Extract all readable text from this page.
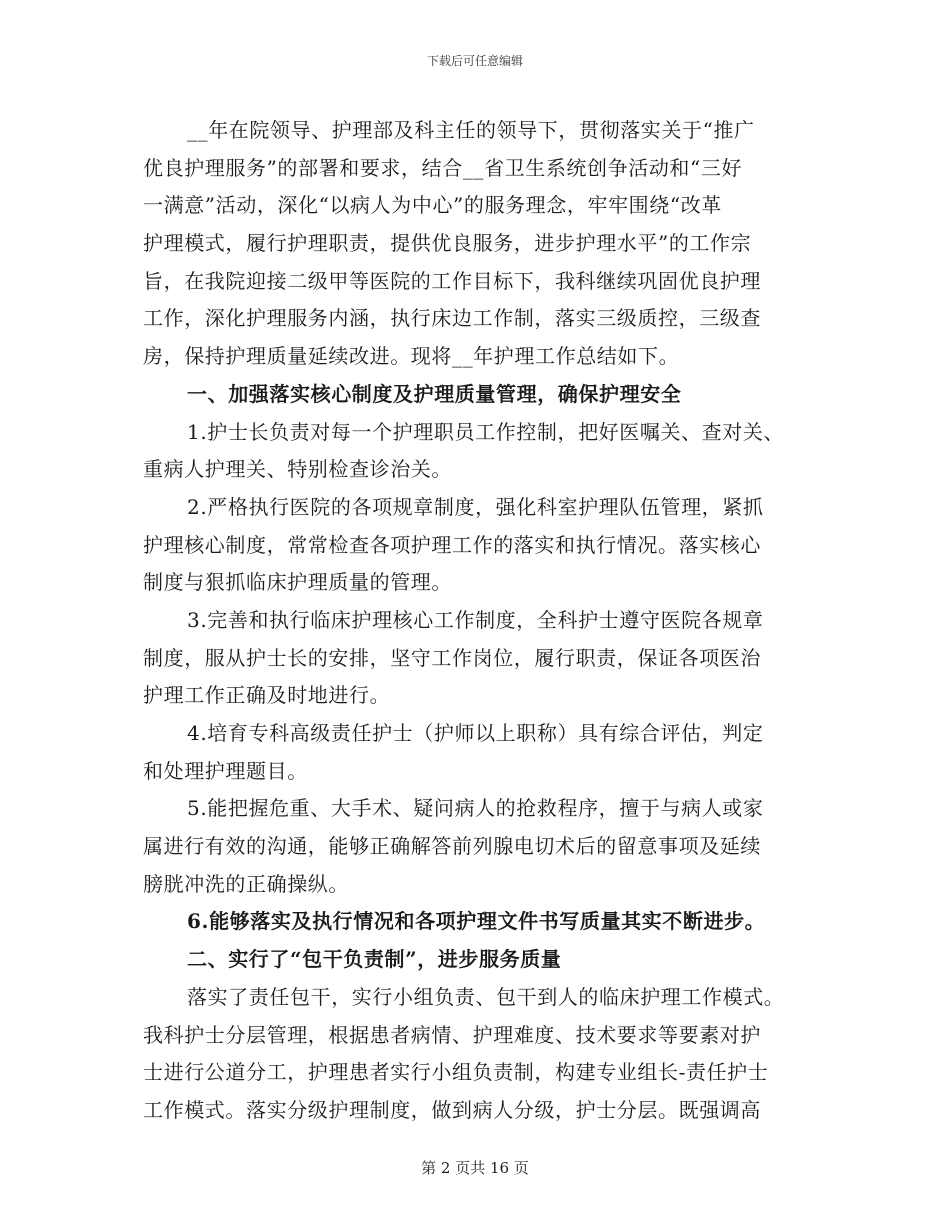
下载后可任意编辑
__年在院领导、护理部及科主任的领导下，贯彻落实关于“推广
优良护理服务”的部署和要求，结合__省卫生系统创争活动和“三好
一满意”活动，深化“以病人为中心”的服务理念，牢牢围绕“改革
护理模式，履行护理职责，提供优良服务，进步护理水平”的工作宗
旨，在我院迎接二级甲等医院的工作目标下，我科继续巩固优良护理
工作，深化护理服务内涵，执行床边工作制，落实三级质控，三级查
房，保持护理质量延续改进。现将__年护理工作总结如下。
一、加强落实核心制度及护理质量管理，确保护理安全
1.护士长负责对每一个护理职员工作控制，把好医嘱关、查对关、
重病人护理关、特别检查诊治关。
2.严格执行医院的各项规章制度，强化科室护理队伍管理，紧抓
护理核心制度，常常检查各项护理工作的落实和执行情况。落实核心
制度与狠抓临床护理质量的管理。
3.完善和执行临床护理核心工作制度，全科护士遵守医院各规章
制度，服从护士长的安排，坚守工作岗位，履行职责，保证各项医治
护理工作正确及时地进行。
4.培育专科高级责任护士（护师以上职称）具有综合评估，判定
和处理护理题目。
5.能把握危重、大手术、疑问病人的抢救程序，擅于与病人或家
属进行有效的沟通，能够正确解答前列腺电切术后的留意事项及延续
膀胱冲洗的正确操纵。
6.能够落实及执行情况和各项护理文件书写质量其实不断进步。
二、实行了“包干负责制”，进步服务质量
落实了责任包干，实行小组负责、包干到人的临床护理工作模式。
我科护士分层管理，根据患者病情、护理难度、技术要求等要素对护
士进行公道分工，护理患者实行小组负责制，构建专业组长-责任护士
工作模式。落实分级护理制度，做到病人分级，护士分层。既强调高
第 2 页共 16 页
